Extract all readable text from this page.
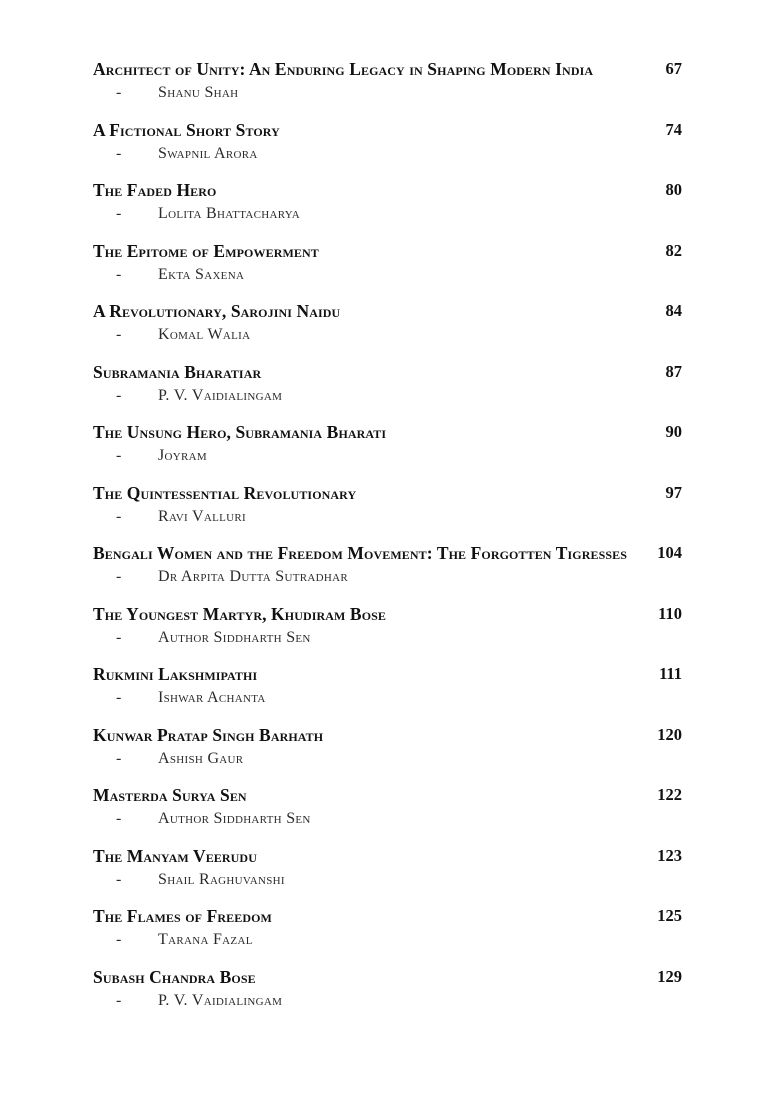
Architect of Unity: An Enduring Legacy in Shaping Modern India	67
- Shanu Shah
A Fictional Short Story	74
- Swapnil Arora
The Faded Hero	80
- Lolita Bhattacharya
The Epitome of Empowerment	82
- Ekta Saxena
A Revolutionary, Sarojini Naidu	84
- Komal Walia
Subramania Bharatiar	87
- P. V. Vaidialingam
The Unsung Hero, Subramania Bharati	90
- Joyram
The Quintessential Revolutionary	97
- Ravi Valluri
Bengali Women and the Freedom Movement: The Forgotten Tigresses	104
- Dr Arpita Dutta Sutradhar
The Youngest Martyr, Khudiram Bose	110
- Author Siddharth Sen
Rukmini Lakshmipathi	111
- Ishwar Achanta
Kunwar Pratap Singh Barhath	120
- Ashish Gaur
Masterda Surya Sen	122
- Author Siddharth Sen
The Manyam Veerudu	123
- Shail Raghuvanshi
The Flames of Freedom	125
- Tarana Fazal
Subash Chandra Bose	129
- P. V. Vaidialingam
